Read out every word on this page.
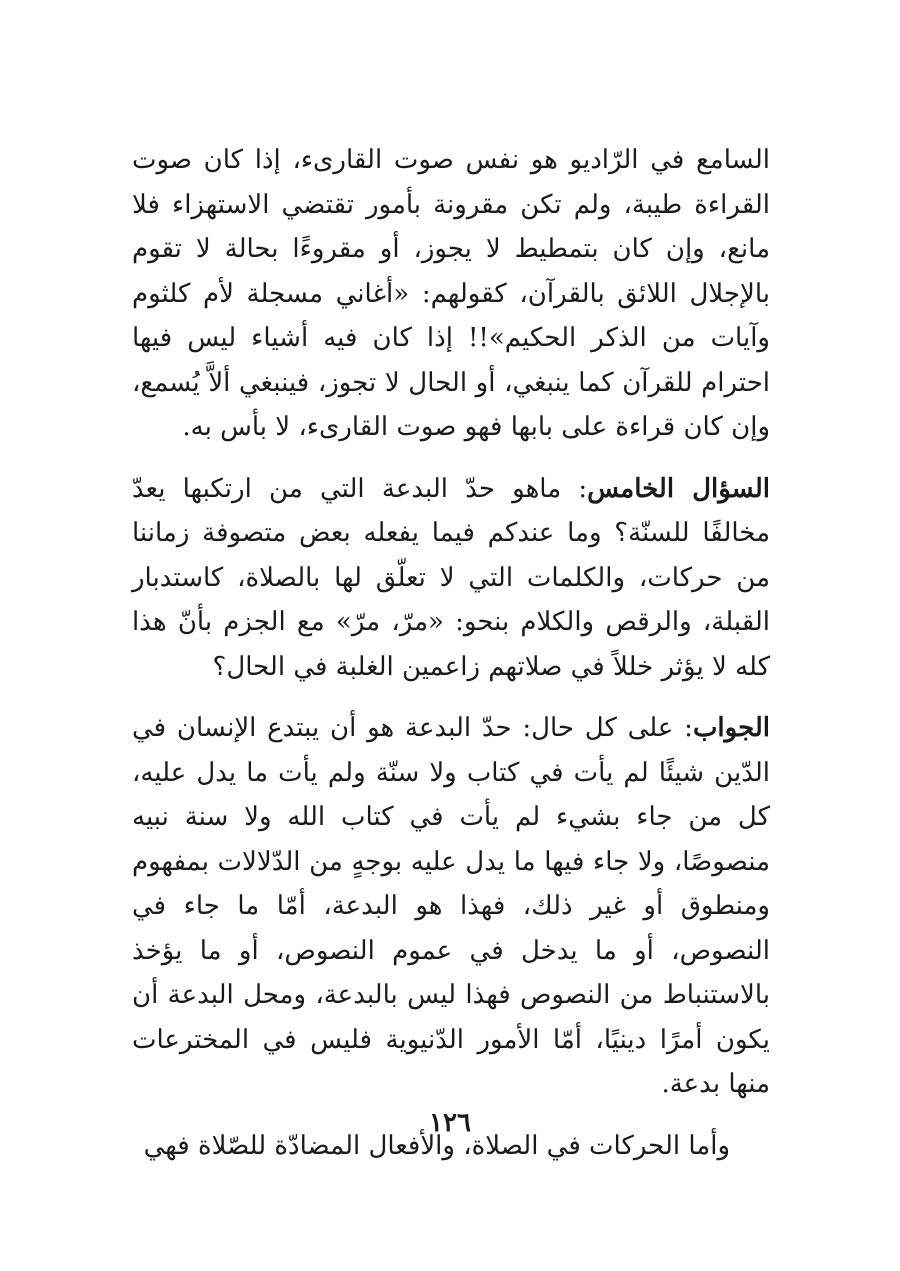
السامع في الرّاديو هو نفس صوت القارىء، إذا كان صوت القراءة طيبة، ولم تكن مقرونة بأمور تقتضي الاستهزاء فلا مانع، وإن كان بتمطيط لا يجوز، أو مقروءًا بحالة لا تقوم بالإجلال اللائق بالقرآن، كقولهم: «أغاني مسجلة لأم كلثوم وآيات من الذكر الحكيم»!! إذا كان فيه أشياء ليس فيها احترام للقرآن كما ينبغي، أو الحال لا تجوز، فينبغي ألاَّ يُسمع، وإن كان قراءة على بابها فهو صوت القارىء، لا بأس به.

السؤال الخامس: ماهو حدّ البدعة التي من ارتكبها يعدّ مخالفًا للسنّة؟ وما عندكم فيما يفعله بعض متصوفة زماننا من حركات، والكلمات التي لا تعلّق لها بالصلاة، كاستدبار القبلة، والرقص والكلام بنحو: «مرّ، مرّ» مع الجزم بأنّ هذا كله لا يؤثر خللاً في صلاتهم زاعمين الغلبة في الحال؟

الجواب: على كل حال: حدّ البدعة هو أن يبتدع الإنسان في الدّين شيئًا لم يأت في كتاب ولا سنّة ولم يأت ما يدل عليه، كل من جاء بشيء لم يأت في كتاب الله ولا سنة نبيه منصوصًا، ولا جاء فيها ما يدل عليه بوجهٍ من الدّلالات بمفهوم ومنطوق أو غير ذلك، فهذا هو البدعة، أمّا ما جاء في النصوص، أو ما يدخل في عموم النصوص، أو ما يؤخذ بالاستنباط من النصوص فهذا ليس بالبدعة، ومحل البدعة أن يكون أمرًا دينيًا، أمّا الأمور الدّنيوية فليس في المخترعات منها بدعة.

وأما الحركات في الصلاة، والأفعال المضادّة للصّلاة فهي

١٢٦
